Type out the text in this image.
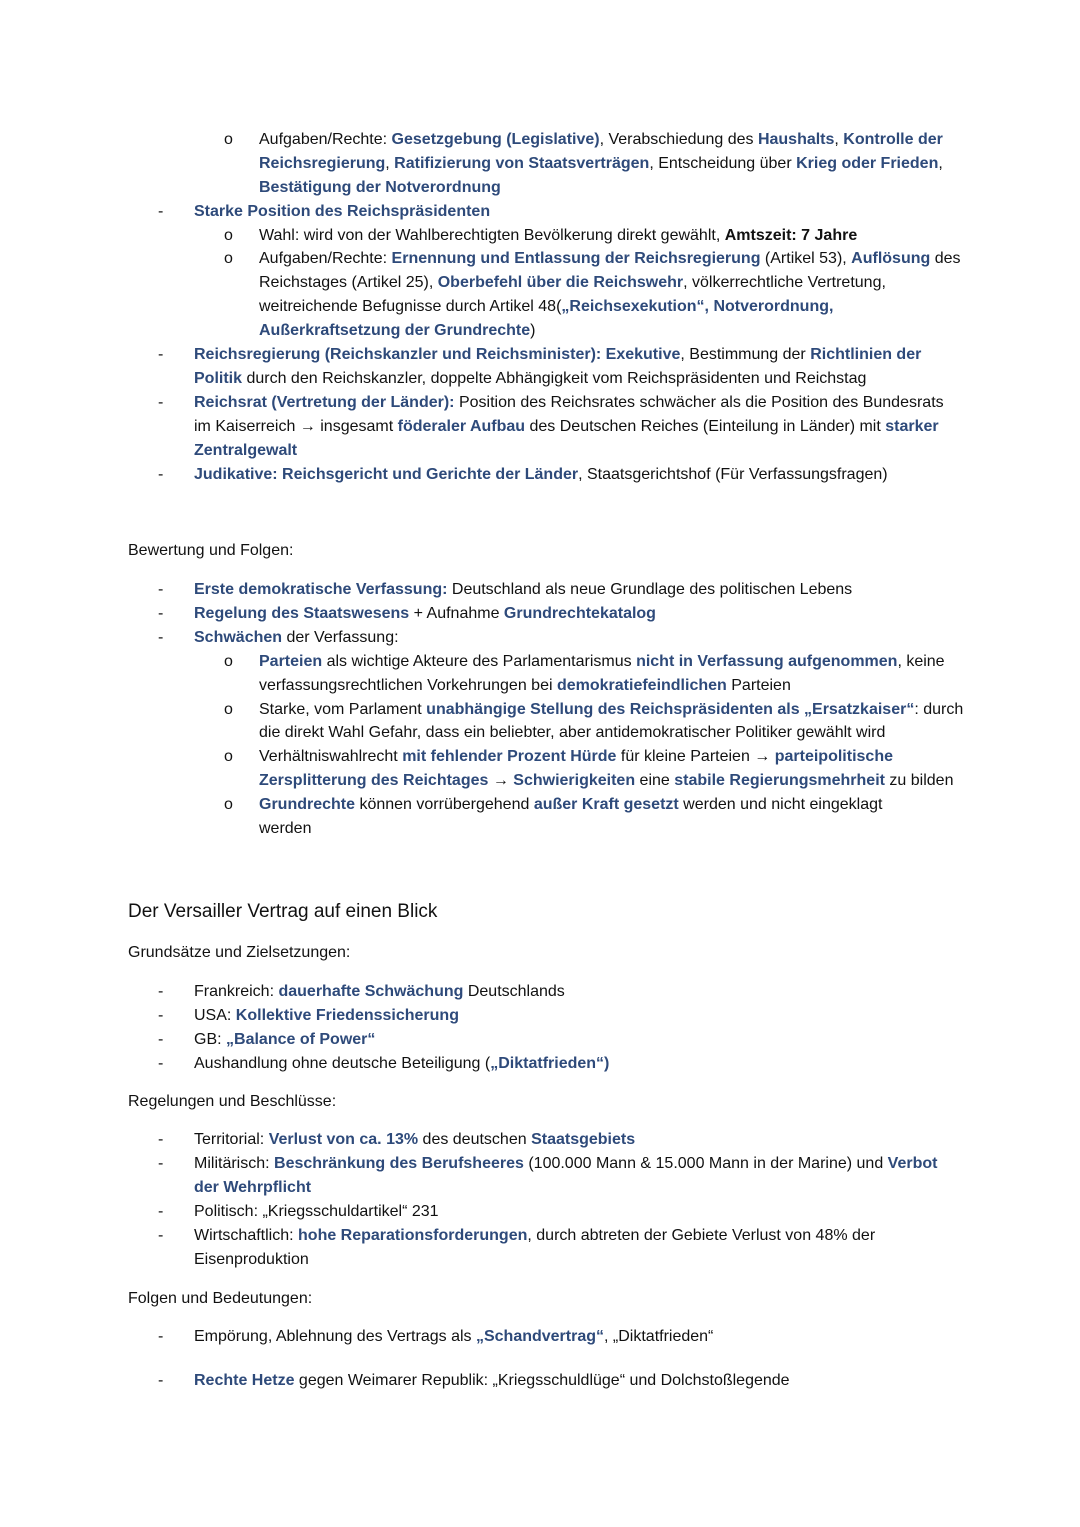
o Aufgaben/Rechte: Gesetzgebung (Legislative), Verabschiedung des Haushalts, Kontrolle der
Reichsregierung, Ratifizierung von Staatsverträgen, Entscheidung über Krieg oder Frieden,
Bestätigung der Notverordnung
-	Starke Position des Reichspräsidenten
o Wahl: wird von der Wahlberechtigten Bevölkerung direkt gewählt, Amtszeit: 7 Jahre
o Aufgaben/Rechte: Ernennung und Entlassung der Reichsregierung (Artikel 53), Auflösung des
Reichstages (Artikel 25), Oberbefehl über die Reichswehr, völkerrechtliche Vertretung,
weitreichende Befugnisse durch Artikel 48(„Reichsexekution“, Notverordnung,
Außerkraftsetzung der Grundrechte)
-	Reichsregierung (Reichskanzler und Reichsminister): Exekutive, Bestimmung der Richtlinien der
Politik durch den Reichskanzler, doppelte Abhängigkeit vom Reichspräsidenten und Reichstag
-	Reichsrat (Vertretung der Länder): Position des Reichsrates schwächer als die Position des Bundesrats
im Kaiserreich → insgesamt föderaler Aufbau des Deutschen Reiches (Einteilung in Länder) mit starker
Zentralgewalt
-	Judikative: Reichsgericht und Gerichte der Länder, Staatsgerichtshof (Für Verfassungsfragen)
Bewertung und Folgen:
-	Erste demokratische Verfassung: Deutschland als neue Grundlage des politischen Lebens
-	Regelung des Staatswesens + Aufnahme Grundrechtekatalog
-	Schwächen der Verfassung:
o Parteien als wichtige Akteure des Parlamentarismus nicht in Verfassung aufgenommen, keine
verfassungsrechtlichen Vorkehrungen bei demokratiefeindlichen Parteien
o Starke, vom Parlament unabhängige Stellung des Reichspräsidenten als „Ersatzkaiser“: durch
die direkt Wahl Gefahr, dass ein beliebter, aber antidemokratischer Politiker gewählt wird
o Verhältniswahlrecht mit fehlender Prozent Hürde für kleine Parteien → parteipolitische
Zersplitterung des Reichtages → Schwierigkeiten eine stabile Regierungsmehrheit zu bilden
o Grundrechte können vorrübergehend außer Kraft gesetzt werden und nicht eingeklagt
werden
Der Versailler Vertrag auf einen Blick
Grundsätze und Zielsetzungen:
-	Frankreich: dauerhafte Schwächung Deutschlands
-	USA: Kollektive Friedenssicherung
-	GB: „Balance of Power“
-	Aushandlung ohne deutsche Beteiligung („Diktatfrieden“)
Regelungen und Beschlüsse:
-	Territorial: Verlust von ca. 13% des deutschen Staatsgebiets
-	Militärisch: Beschränkung des Berufsheeres (100.000 Mann & 15.000 Mann in der Marine) und Verbot
der Wehrpflicht
-	Politisch: „Kriegsschuldartikel“ 231
-	Wirtschaftlich: hohe Reparationsforderungen, durch abtreten der Gebiete Verlust von 48% der
Eisenproduktion
Folgen und Bedeutungen:
-	Empörung, Ablehnung des Vertrags als „Schandvertrag“, „Diktatfrieden“
-	Rechte Hetze gegen Weimarer Republik: „Kriegsschuldlüge“ und Dolchstoßlegende
